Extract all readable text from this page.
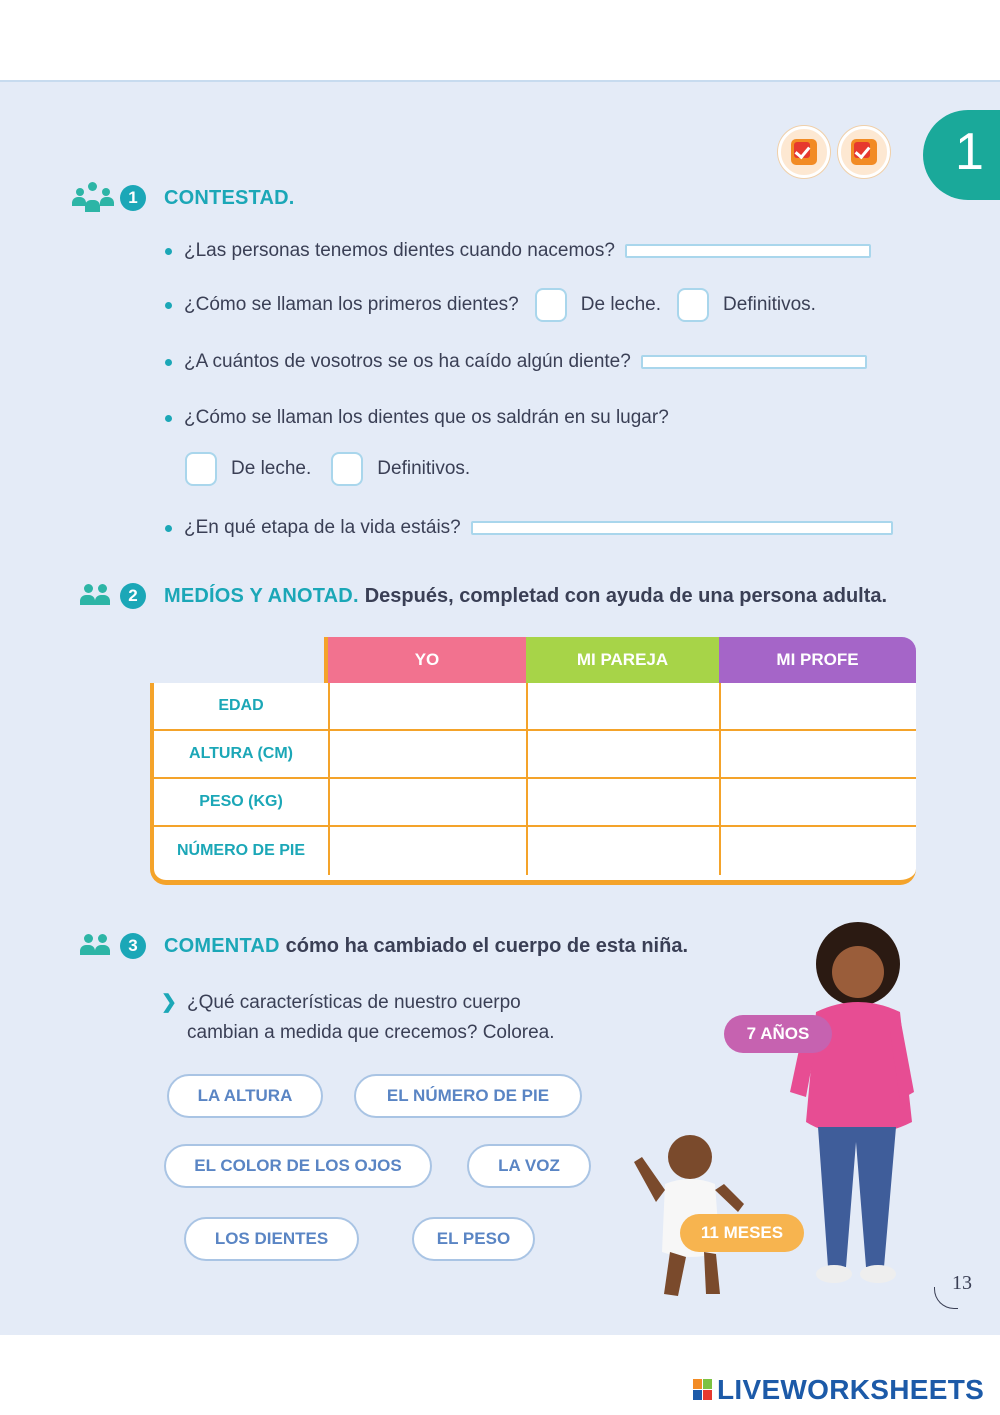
1
1	CONTESTAD.
¿Las personas tenemos dientes cuando nacemos?
¿Cómo se llaman los primeros dientes?	De leche.	Definitivos.
¿A cuántos de vosotros se os ha caído algún diente?
¿Cómo se llaman los dientes que os saldrán en su lugar?
De leche.	Definitivos.
¿En qué etapa de la vida estáis?
2	MEDÍOS Y ANOTAD. Después, completad con ayuda de una persona adulta.
YO	MI PAREJA	MI PROFE
EDAD
ALTURA (CM)
PESO (KG)
NÚMERO DE PIE
3	COMENTAD cómo ha cambiado el cuerpo de esta niña.
❯ ¿Qué características de nuestro cuerpo
cambian a medida que crecemos? Colorea.
LA ALTURA	EL NÚMERO DE PIE
EL COLOR DE LOS OJOS	LA VOZ
LOS DIENTES	EL PESO
7 AÑOS
11 MESES
13
LIVEWORKSHEETS
